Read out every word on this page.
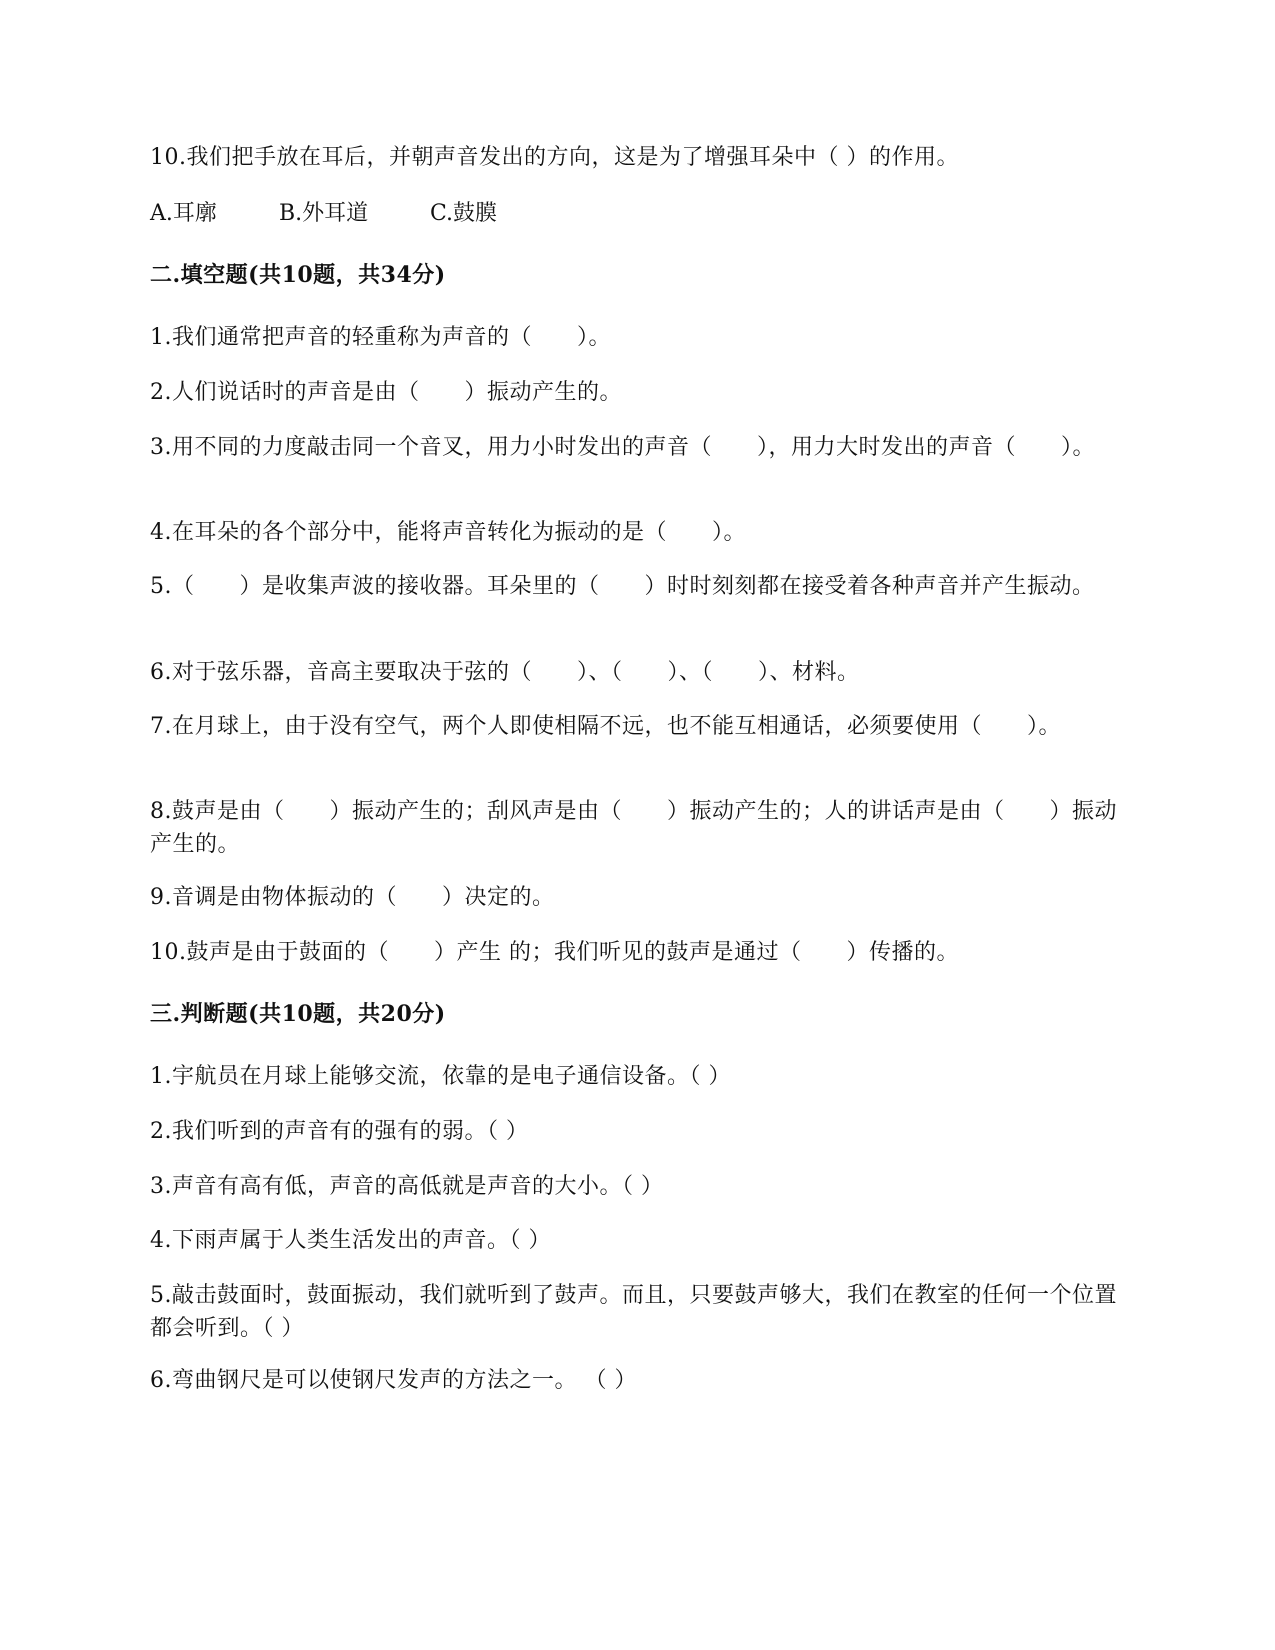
10.我们把手放在耳后，并朝声音发出的方向，这是为了增强耳朵中（ ）的作用。
A.耳廓	B.外耳道	C.鼓膜
二.填空题(共10题，共34分)
1.我们通常把声音的轻重称为声音的（　　）。
2.人们说话时的声音是由（　　）振动产生的。
3.用不同的力度敲击同一个音叉，用力小时发出的声音（　　），用力大时发出的声音（　　）。
4.在耳朵的各个部分中，能将声音转化为振动的是（　　）。
5.（　　）是收集声波的接收器。耳朵里的（　　）时时刻刻都在接受着各种声音并产生振动。
6.对于弦乐器，音高主要取决于弦的（　　）、（　　）、（　　）、材料。
7.在月球上，由于没有空气，两个人即使相隔不远，也不能互相通话，必须要使用（　　）。
8.鼓声是由（　　）振动产生的；刮风声是由（　　）振动产生的；人的讲话声是由（　　）振动产生的。
9.音调是由物体振动的（　　）决定的。
10.鼓声是由于鼓面的（　　）产生 的；我们听见的鼓声是通过（　　）传播的。
三.判断题(共10题，共20分)
1.宇航员在月球上能够交流，依靠的是电子通信设备。（ ）
2.我们听到的声音有的强有的弱。（ ）
3.声音有高有低，声音的高低就是声音的大小。（ ）
4.下雨声属于人类生活发出的声音。（ ）
5.敲击鼓面时，鼓面振动，我们就听到了鼓声。而且，只要鼓声够大，我们在教室的任何一个位置都会听到。（ ）
6.弯曲钢尺是可以使钢尺发声的方法之一。 （ ）
